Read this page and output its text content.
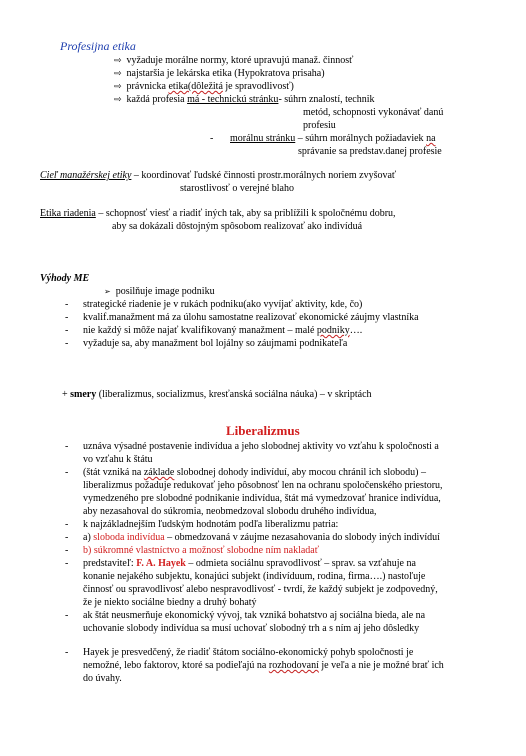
Profesijna etika
⇨ vyžaduje morálne normy, ktoré upravujú manaž. činnosť
⇨ najstaršia je lekárska etika (Hypokratova prisaha)
⇨ právnicka etika(dôležitá je spravodlivosť)
⇨ každá profesia má - technickú stránku- súhrn znalostí, technik
metód, schopnosti vykonávať danú
profesiu
- morálnu stránku – súhrn morálnych požiadaviek na
správanie sa predstav.danej profesie
Cieľ manažérskej etiky – koordinovať ľudské činnosti prostr.morálnych noriem zvyšovať
starostlivosť o verejné blaho
Etika riadenia – schopnosť viesť a riadiť iných tak, aby sa priblížili k spoločnému dobru,
aby sa dokázali dôstojným spôsobom realizovať ako indivíduá
Výhody ME
➢ posilňuje image podniku
- strategické riadenie je v rukách podniku(ako vyvíjať aktivity, kde, čo)
- kvalif.manažment má za úlohu samostatne realizovať ekonomické záujmy vlastníka
- nie každý si môže najať kvalifikovaný manažment – malé podniky….
- vyžaduje sa, aby manažment bol lojálny so záujmami podnikateľa
+ smery (liberalizmus, socializmus, kresťanská sociálna náuka) – v skriptách
Liberalizmus
- uznáva výsadné postavenie indivídua a jeho slobodnej aktivity vo vzťahu k spoločnosti a
vo vzťahu k štátu
- (štát vzniká na základe slobodnej dohody indivíduí, aby mocou chránil ich slobodu) –
liberalizmus požaduje redukovať jeho pôsobnosť len na ochranu spoločenského priestoru,
vymedzeného pre slobodné podnikanie indivídua, štát má vymedzovať hranice indivídua,
aby nezasahoval do súkromia, neobmedzoval slobodu druhého indivídua,
- k najzákladnejším ľudským hodnotám podľa liberalizmu patria:
- a) sloboda indivídua – obmedzovaná v záujme nezasahovania do slobody iných indivíduí
- b) súkromné vlastníctvo a možnosť slobodne ním nakladať
- predstaviteľ: F. A. Hayek – odmieta sociálnu spravodlivosť – sprav. sa vzťahuje na
konanie nejakého subjektu, konajúci subjekt (indivíduum, rodina, firma….) nastoľuje
činnosť ou spravodlivosť alebo nespravodlivosť - tvrdí, že každý subjekt je zodpovedný,
že je niekto sociálne biedny a druhý bohatý
- ak štát neusmerňuje ekonomický vývoj, tak vzniká bohatstvo aj sociálna bieda, ale na
uchovanie slobody indivídua sa musí uchovať slobodný trh a s ním aj jeho dôsledky
- Hayek je presvedčený, že riadiť štátom sociálno-ekonomický pohyb spoločnosti je
nemožné, lebo faktorov, ktoré sa podieľajú na rozhodovaní je veľa a nie je možné brať ich
do úvahy.
